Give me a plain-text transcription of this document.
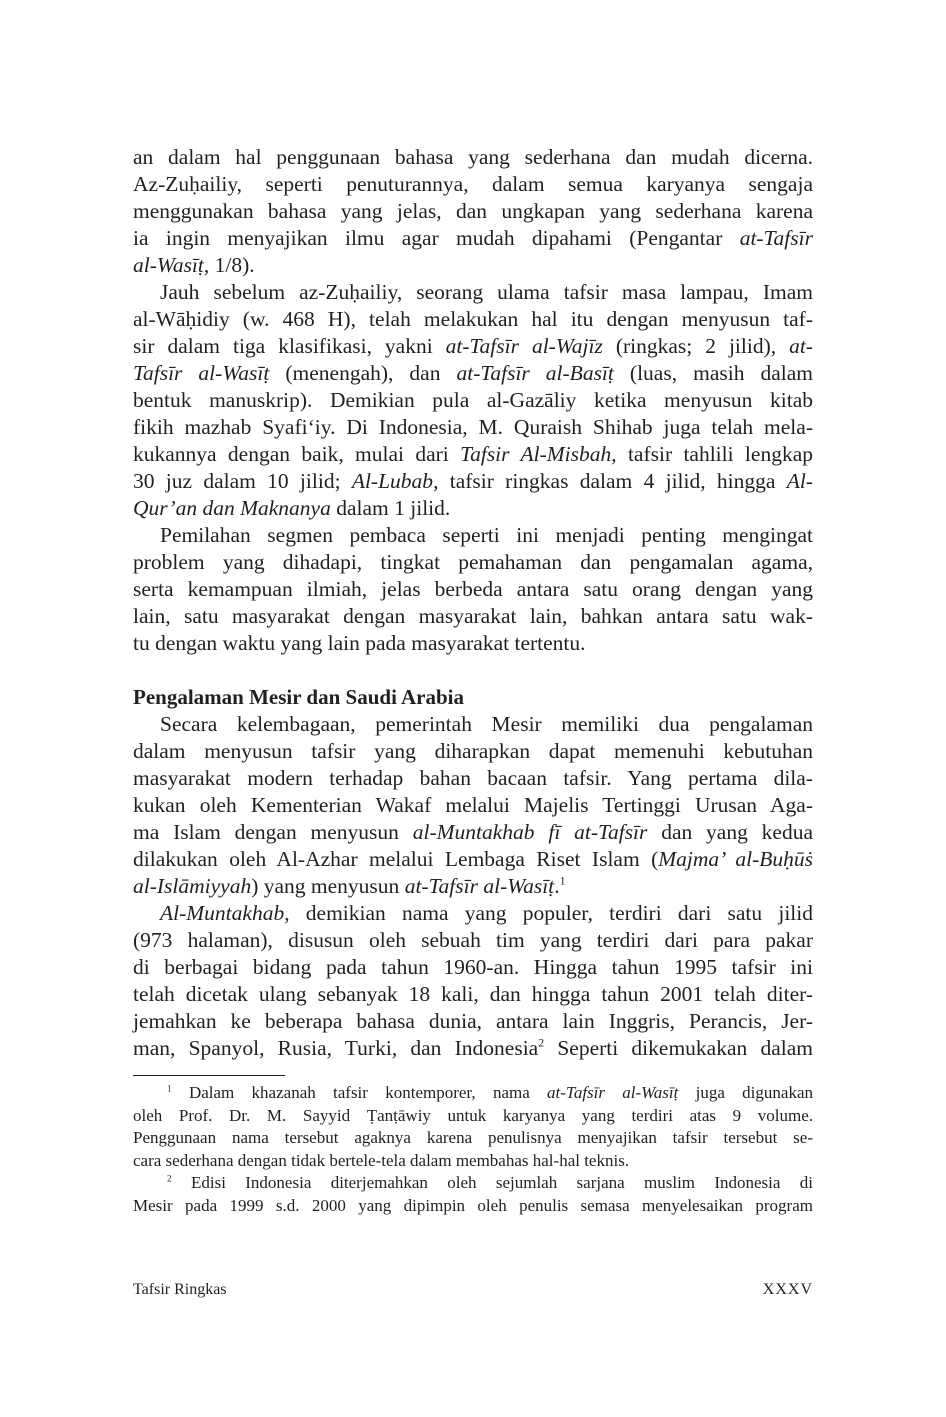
an dalam hal penggunaan bahasa yang sederhana dan mudah dicerna.
Az-Zuḥailiy, seperti penuturannya, dalam semua karyanya sengaja
menggunakan bahasa yang jelas, dan ungkapan yang sederhana karena
ia ingin menyajikan ilmu agar mudah dipahami (Pengantar at-Tafsīr
al-Wasīṭ, 1/8).
Jauh sebelum az-Zuḥailiy, seorang ulama tafsir masa lampau, Imam
al-Wāḥidiy (w. 468 H), telah melakukan hal itu dengan menyusun taf-
sir dalam tiga klasifikasi, yakni at-Tafsīr al-Wajīz (ringkas; 2 jilid), at-
Tafsīr al-Wasīṭ (menengah), dan at-Tafsīr al-Basīṭ (luas, masih dalam
bentuk manuskrip). Demikian pula al-Gazāliy ketika menyusun kitab
fikih mazhab Syafi‘iy. Di Indonesia, M. Quraish Shihab juga telah mela-
kukannya dengan baik, mulai dari Tafsir Al-Misbah, tafsir tahlili lengkap
30 juz dalam 10 jilid; Al-Lubab, tafsir ringkas dalam 4 jilid, hingga Al-
Qur’an dan Maknanya dalam 1 jilid.
Pemilahan segmen pembaca seperti ini menjadi penting mengingat
problem yang dihadapi, tingkat pemahaman dan pengamalan agama,
serta kemampuan ilmiah, jelas berbeda antara satu orang dengan yang
lain, satu masyarakat dengan masyarakat lain, bahkan antara satu wak-
tu dengan waktu yang lain pada masyarakat tertentu.
Pengalaman Mesir dan Saudi Arabia
Secara kelembagaan, pemerintah Mesir memiliki dua pengalaman
dalam menyusun tafsir yang diharapkan dapat memenuhi kebutuhan
masyarakat modern terhadap bahan bacaan tafsir. Yang pertama dila-
kukan oleh Kementerian Wakaf melalui Majelis Tertinggi Urusan Aga-
ma Islam dengan menyusun al-Muntakhab fī at-Tafsīr dan yang kedua
dilakukan oleh Al-Azhar melalui Lembaga Riset Islam (Majma’ al-Buḥūṡ
al-Islāmiyyah) yang menyusun at-Tafsīr al-Wasīṭ.$^1$
Al-Muntakhab, demikian nama yang populer, terdiri dari satu jilid
(973 halaman), disusun oleh sebuah tim yang terdiri dari para pakar
di berbagai bidang pada tahun 1960-an. Hingga tahun 1995 tafsir ini
telah dicetak ulang sebanyak 18 kali, dan hingga tahun 2001 telah diter-
jemahkan ke beberapa bahasa dunia, antara lain Inggris, Perancis, Jer-
man, Spanyol, Rusia, Turki, dan Indonesia$^2$ Seperti dikemukakan dalam
$^1$ Dalam khazanah tafsir kontemporer, nama at-Tafsīr al-Wasīṭ juga digunakan
oleh Prof. Dr. M. Sayyid Ṭanṭāwiy untuk karyanya yang terdiri atas 9 volume.
Penggunaan nama tersebut agaknya karena penulisnya menyajikan tafsir tersebut se-
cara sederhana dengan tidak bertele-tela dalam membahas hal-hal teknis.
$^2$ Edisi Indonesia diterjemahkan oleh sejumlah sarjana muslim Indonesia di
Mesir pada 1999 s.d. 2000 yang dipimpin oleh penulis semasa menyelesaikan program
Tafsir Ringkas	XXXV
